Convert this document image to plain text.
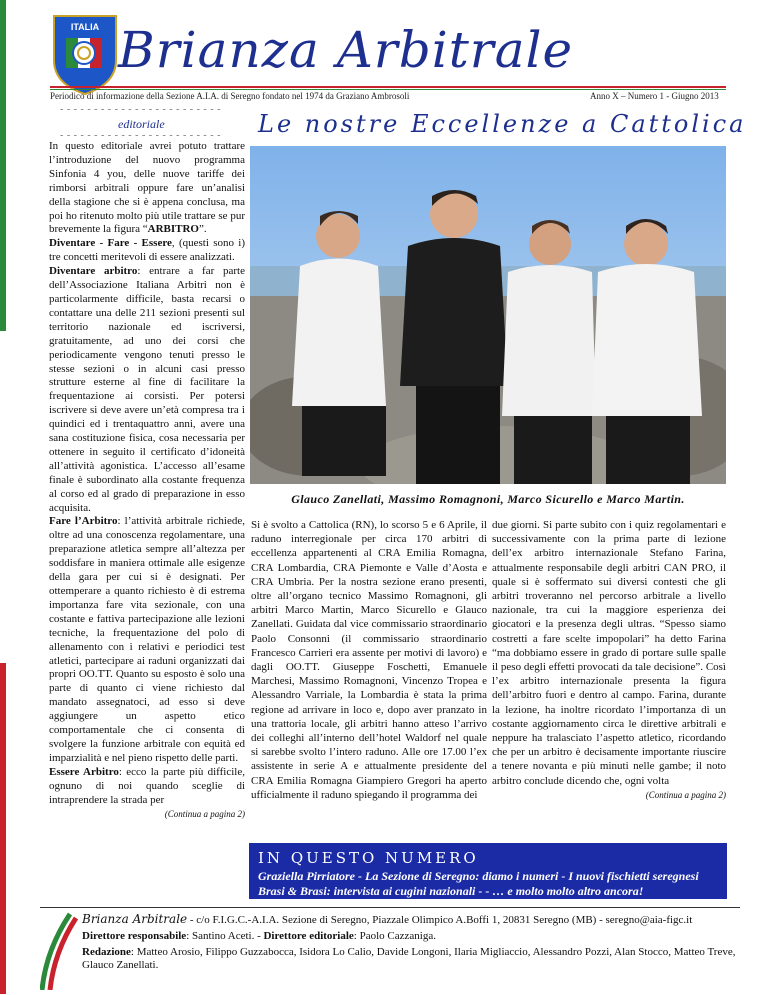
ITALIA Brianza Arbitrale
Periodico di informazione della Sezione A.I.A. di Seregno fondato nel 1974 da Graziano Ambrosoli	Anno X – Numero 1 - Giugno 2013
- - - - - - - - - - - - - - - - - - - - - - - -
editoriale
- - - - - - - - - - - - - - - - - - - - - - - - Le nostre Eccellenze a Cattolica

In questo editoriale avrei potuto trattare l’introduzione del nuovo programma Sinfonia 4 you, delle nuove tariffe dei rimborsi arbitrali oppure fare un’analisi della stagione che si è appena conclusa, ma poi ho ritenuto molto più utile trattare se pur brevemente la figura “ARBITRO”.

Diventare - Fare - Essere, (questi sono i) tre concetti meritevoli di essere analizzati.

Diventare arbitro: entrare a far parte dell’Associazione Italiana Arbitri non è particolarmente difficile, basta recarsi o contattare una delle 211 sezioni presenti sul territorio nazionale ed iscriversi, gratuitamente, ad uno dei corsi che periodicamente vengono tenuti presso le stesse sezioni o in alcuni casi presso strutture esterne al fine di facilitare la frequentazione ai corsisti. Per potersi iscrivere si deve avere un’età compresa tra i quindici ed i trentaquattro anni, avere una sana costituzione fisica, cosa necessaria per ottenere in seguito il certificato d’idoneità all’attività agonistica. L’accesso all’esame finale è subordinato alla costante frequenza al corso ed al grado di preparazione in esso acquisita.

Fare l’Arbitro: l’attività arbitrale richiede, oltre ad una conoscenza regolamentare, una preparazione atletica sempre all’altezza per soddisfare in maniera ottimale alle esigenze della gara per cui si è designati. Per ottemperare a quanto richiesto è di estrema importanza fare vita sezionale, con una costante e fattiva partecipazione alle lezioni tecniche, la frequentazione del polo di allenamento con i relativi e periodici test atletici, partecipare ai raduni organizzati dai propri OO.TT. Quanto su esposto è solo una parte di quanto ci viene richiesto dal mandato assegnatoci, ad esso si deve aggiungere un aspetto etico comportamentale che ci consenta di svolgere la funzione arbitrale con equità ed imparzialità e nel pieno rispetto delle parti.

Essere Arbitro: ecco la parte più difficile, ognuno di noi quando sceglie di intraprendere la strada per

(Continua a pagina 2)

Glauco Zanellati, Massimo Romagnoni, Marco Sicurello e Marco Martin.

Si è svolto a Cattolica (RN), lo scorso 5 e 6 Aprile, il raduno interregionale per circa 170 arbitri di eccellenza appartenenti al CRA Emilia Romagna, CRA Lombardia, CRA Piemonte e Valle d’Aosta e CRA Umbria. Per la nostra sezione erano presenti, oltre all’organo tecnico Massimo Romagnoni, gli arbitri Marco Martin, Marco Sicurello e Glauco Zanellati. Guidata dal vice commissario straordinario Paolo Consonni (il commissario straordinario Francesco Carrieri era assente per motivi di lavoro) e dagli OO.TT. Giuseppe Foschetti, Emanuele Marchesi, Massimo Romagnoni, Vincenzo Tropea e Alessandro Varriale, la Lombardia è stata la prima regione ad arrivare in loco e, dopo aver pranzato in una trattoria locale, gli arbitri hanno atteso l’arrivo dei colleghi all’interno dell’hotel Waldorf nel quale si sarebbe svolto l’intero raduno. Alle ore 17.00 l’ex assistente in serie A e attualmente presidente del CRA Emilia Romagna Giampiero Gregori ha aperto ufficialmente il raduno spiegando il programma dei

due giorni. Si parte subito con i quiz regolamentari e successivamente con la prima parte di lezione dell’ex arbitro internazionale Stefano Farina, attualmente responsabile degli arbitri CAN PRO, il quale si è soffermato sui diversi contesti che gli arbitri troveranno nel percorso arbitrale a livello nazionale, tra cui la maggiore esperienza dei giocatori e la presenza degli ultras. “Spesso siamo costretti a fare scelte impopolari” ha detto Farina “ma dobbiamo essere in grado di portare sulle spalle il peso degli effetti provocati da tale decisione”. Così l’ex arbitro internazionale presenta la figura dell’arbitro fuori e dentro al campo. Farina, durante la lezione, ha inoltre ricordato l’importanza di un costante aggiornamento circa le direttive arbitrali e neppure ha tralasciato l’aspetto atletico, ricordando che per un arbitro è decisamente importante riuscire a tenere novanta e più minuti nelle gambe; il noto arbitro conclude dicendo che, ogni volta

(Continua a pagina 2)

IN QUESTO NUMERO
Graziella Pirriatore - La Sezione di Seregno: diamo i numeri - I nuovi fischietti seregnesi Brasi & Brasi: intervista ai cugini nazionali - - … e molto molto altro ancora!

Brianza Arbitrale - c/o F.I.G.C.-A.I.A. Sezione di Seregno, Piazzale Olimpico A.Boffi 1, 20831 Seregno (MB) - seregno@aia-figc.it

Direttore responsabile: Santino Aceti. - Direttore editoriale: Paolo Cazzaniga.

Redazione: Matteo Arosio, Filippo Guzzabocca, Isidora Lo Calio, Davide Longoni, Ilaria Migliaccio, Alessandro Pozzi, Alan Stocco, Matteo Treve, Glauco Zanellati.
